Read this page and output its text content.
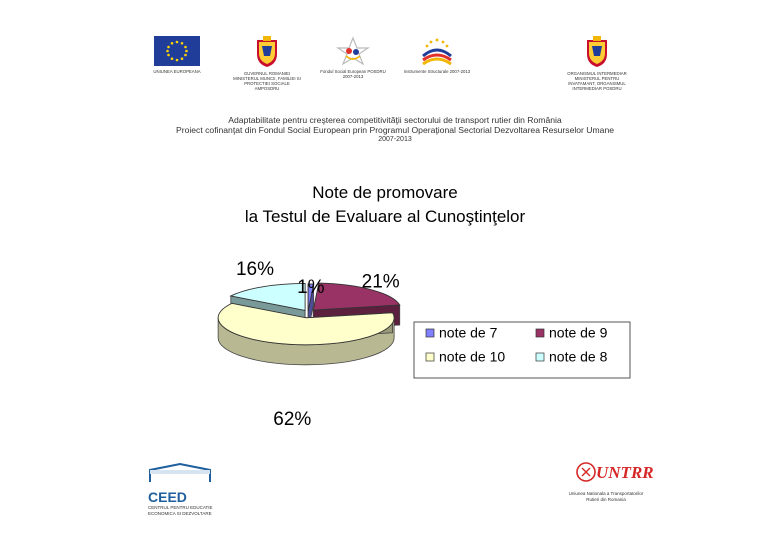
UNIUNEA EUROPEANA	GUVERNUL ROMANIEI MINISTERUL MUNCII, FAMILIEI SI PROTECTIEI SOCIALE AMPOSDRU
Fondul Social European POSDRU 2007-2013
Instrumente Structurale 2007-2013	ORGANISMUL INTERMEDIAR MINISTERUL PENTRU INVATAMANT, ORGANISMUL INTERMEDIAR POSDRU
Adaptabilitate pentru creşterea competitivităţii sectorului de transport rutier din România
Proiect cofinanţat din Fondul Social European prin Programul Operaţional Sectorial Dezvoltarea Resurselor Umane
2007-2013
Note de promovare
la Testul de Evaluare al Cunoştinţelor
1% 21%
62%
16%
note de 7	note de 9
note de 10	note de 8
CEED
CENTRUL PENTRU EDUCATIE ECONOMICA SI DEZVOLTARE
UNTRR
Uniunea Nationala a Transportatorilor Rutieri din Romania
